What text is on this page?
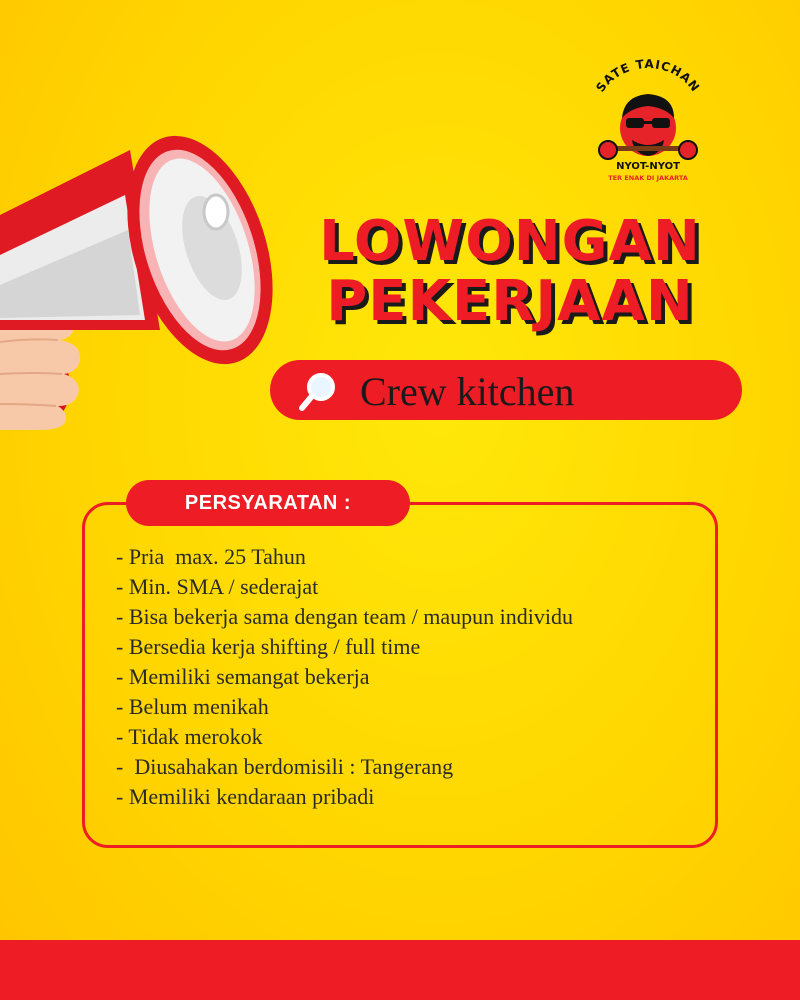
SATE TAICHAN
NYOT-NYOT
TER ENAK DI JAKARTA
LOWONGAN
PEKERJAAN
Crew kitchen
PERSYARATAN :
- Pria  max. 25 Tahun
- Min. SMA / sederajat
- Bisa bekerja sama dengan team / maupun individu
- Bersedia kerja shifting / full time
- Memiliki semangat bekerja
- Belum menikah
- Tidak merokok
-  Diusahakan berdomisili : Tangerang
- Memiliki kendaraan pribadi
